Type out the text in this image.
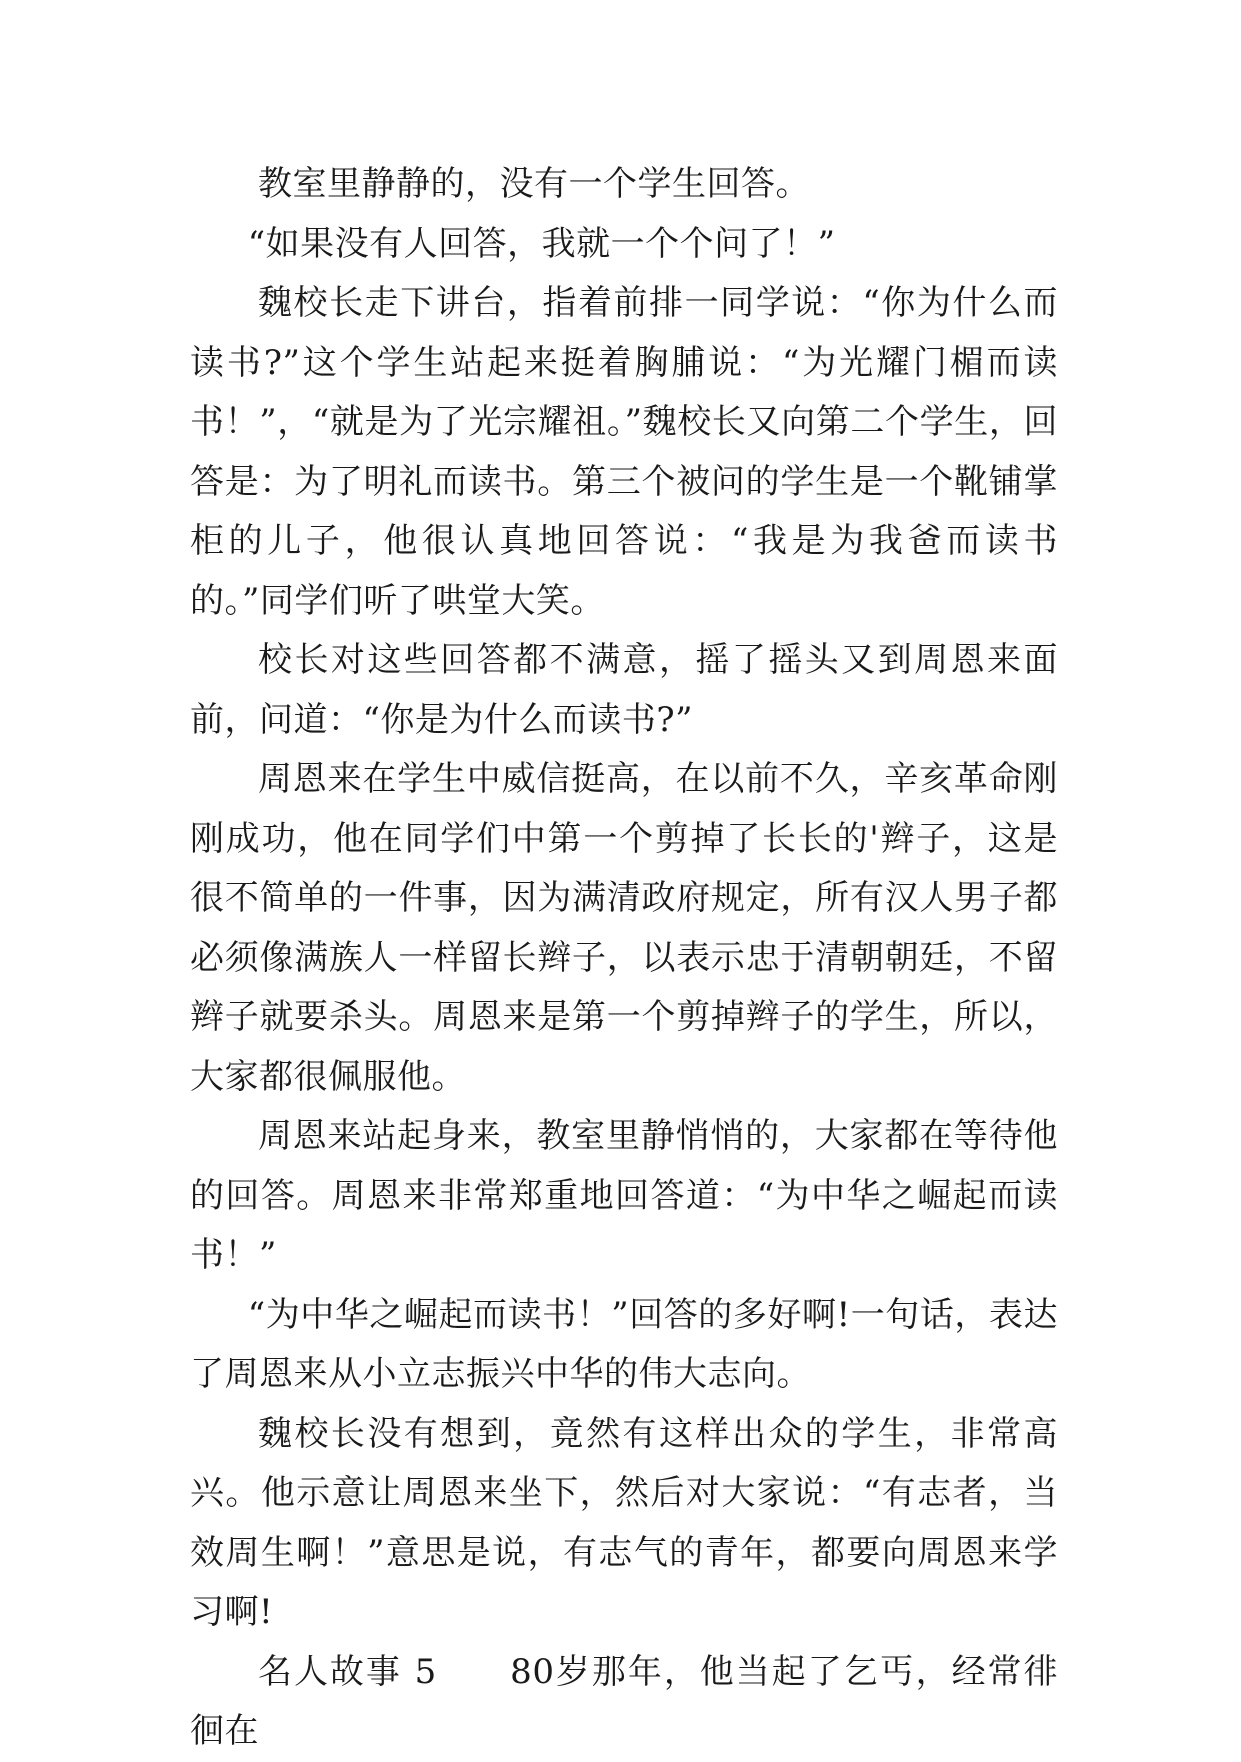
教室里静静的，没有一个学生回答。

“如果没有人回答，我就一个个问了！”

魏校长走下讲台，指着前排一同学说：“你为什么而读书?”这个学生站起来挺着胸脯说：“为光耀门楣而读书！”，“就是为了光宗耀祖。”魏校长又向第二个学生，回答是：为了明礼而读书。第三个被问的学生是一个靴铺掌柜的儿子，他很认真地回答说：“我是为我爸而读书的。”同学们听了哄堂大笑。

校长对这些回答都不满意，摇了摇头又到周恩来面前，问道：“你是为什么而读书?”

周恩来在学生中威信挺高，在以前不久，辛亥革命刚刚成功，他在同学们中第一个剪掉了长长的'辫子，这是很不简单的一件事，因为满清政府规定，所有汉人男子都必须像满族人一样留长辫子，以表示忠于清朝朝廷，不留辫子就要杀头。周恩来是第一个剪掉辫子的学生，所以，大家都很佩服他。

周恩来站起身来，教室里静悄悄的，大家都在等待他的回答。周恩来非常郑重地回答道：“为中华之崛起而读书！”

“为中华之崛起而读书！”回答的多好啊!一句话，表达了周恩来从小立志振兴中华的伟大志向。

魏校长没有想到，竟然有这样出众的学生，非常高兴。他示意让周恩来坐下，然后对大家说：“有志者，当效周生啊！”意思是说，有志气的青年，都要向周恩来学习啊!

名人故事 5　　80岁那年，他当起了乞丐，经常徘徊在
